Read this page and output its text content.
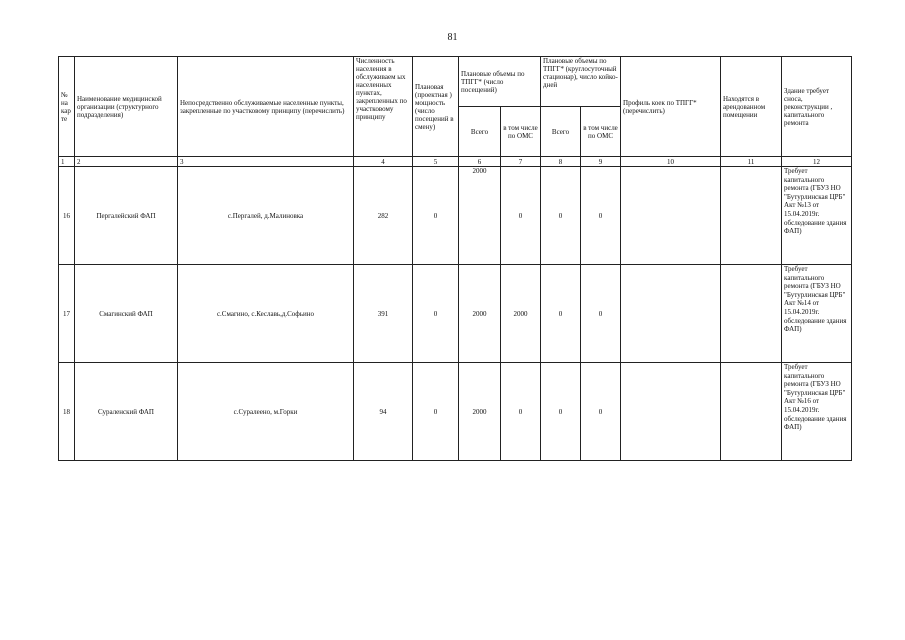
81
№ на кар те	Наименование медицинской организации (структурного подразделения)	Непосредственно обслуживаемые населенные пункты, закрепленные по участковому принципу (перечислить)	Численность населения в обслуживаем ых населенных пунктах, закрепленных по участковому принципу	Плановая (проектная ) мощность (число посещений в смену)	Плановые объемы по ТПГГ* (число посещений)		Плановые объемы по ТПГГ* (круглосуточный стационар), число койко-дней		Профиль коек по ТПГГ* (перечислить)	Находятся в арендованном помещении	Здание требует сноса, реконструкции , капитального ремонта
					Всего	в том числе по ОМС	Всего	в том числе по ОМС			
1	2	3	4	5	6	7	8	9	10	11	12
16	Пергалейский ФАП	с.Пергалей, д.Малиновка	282	0	2000	0	0	0			Требует капитального ремонта (ГБУЗ НО "Бутурлинская ЦРБ" Акт №13 от 15.04.2019г. обследование здания ФАП)
17	Смагинский ФАП	с.Смагино, с.Кеславь,д.Софьино	391	0	2000	2000	0	0			Требует капитального ремонта (ГБУЗ НО "Бутурлинская ЦРБ" Акт №14 от 15.04.2019г. обследование здания ФАП)
18	Сураленский ФАП	с.Суралеено, м.Горки	94	0	2000	0	0	0			Требует капитального ремонта (ГБУЗ НО "Бутурлинская ЦРБ" Акт №16 от 15.04.2019г. обследование здания ФАП)
